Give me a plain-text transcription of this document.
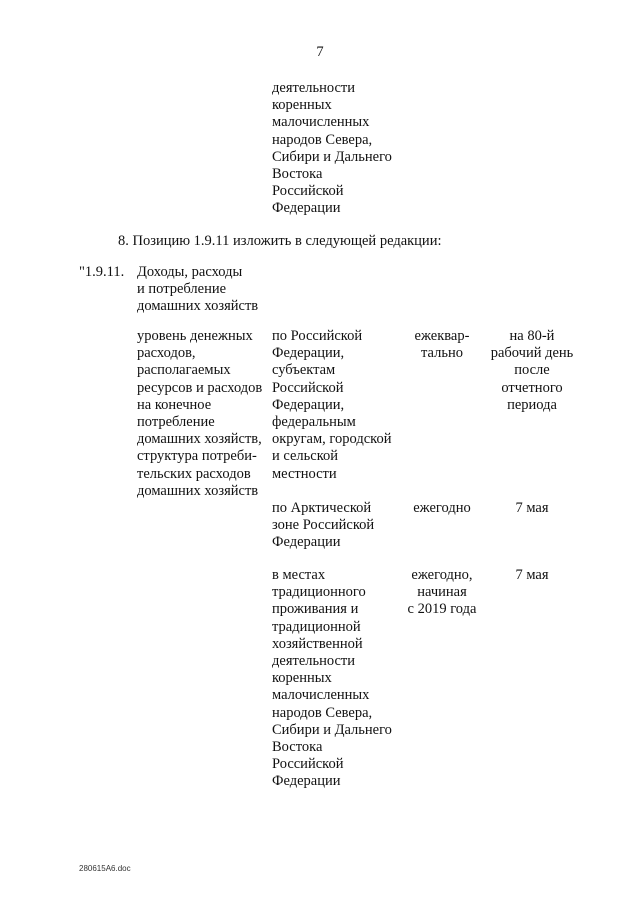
7
деятельности
коренных
малочисленных
народов Севера,
Сибири и Дальнего
Востока
Российской
Федерации
8. Позицию 1.9.11 изложить в следующей редакции:
"1.9.11. Доходы, расходы
и потребление
домашних хозяйств
уровень денежных
расходов,
располагаемых
ресурсов и расходов
на конечное
потребление
домашних хозяйств,
структура потреби-
тельских расходов
домашних хозяйств
по Российской
Федерации,
субъектам
Российской
Федерации,
федеральным
округам, городской
и сельской
местности
ежеквар-
тально
на 80-й
рабочий день
после
отчетного
периода
по Арктической
зоне Российской
Федерации
ежегодно	7 мая
в местах
традиционного
проживания и
традиционной
хозяйственной
деятельности
коренных
малочисленных
народов Севера,
Сибири и Дальнего
Востока
Российской
Федерации
ежегодно,
начиная
с 2019 года
7 мая
280615A6.doc
